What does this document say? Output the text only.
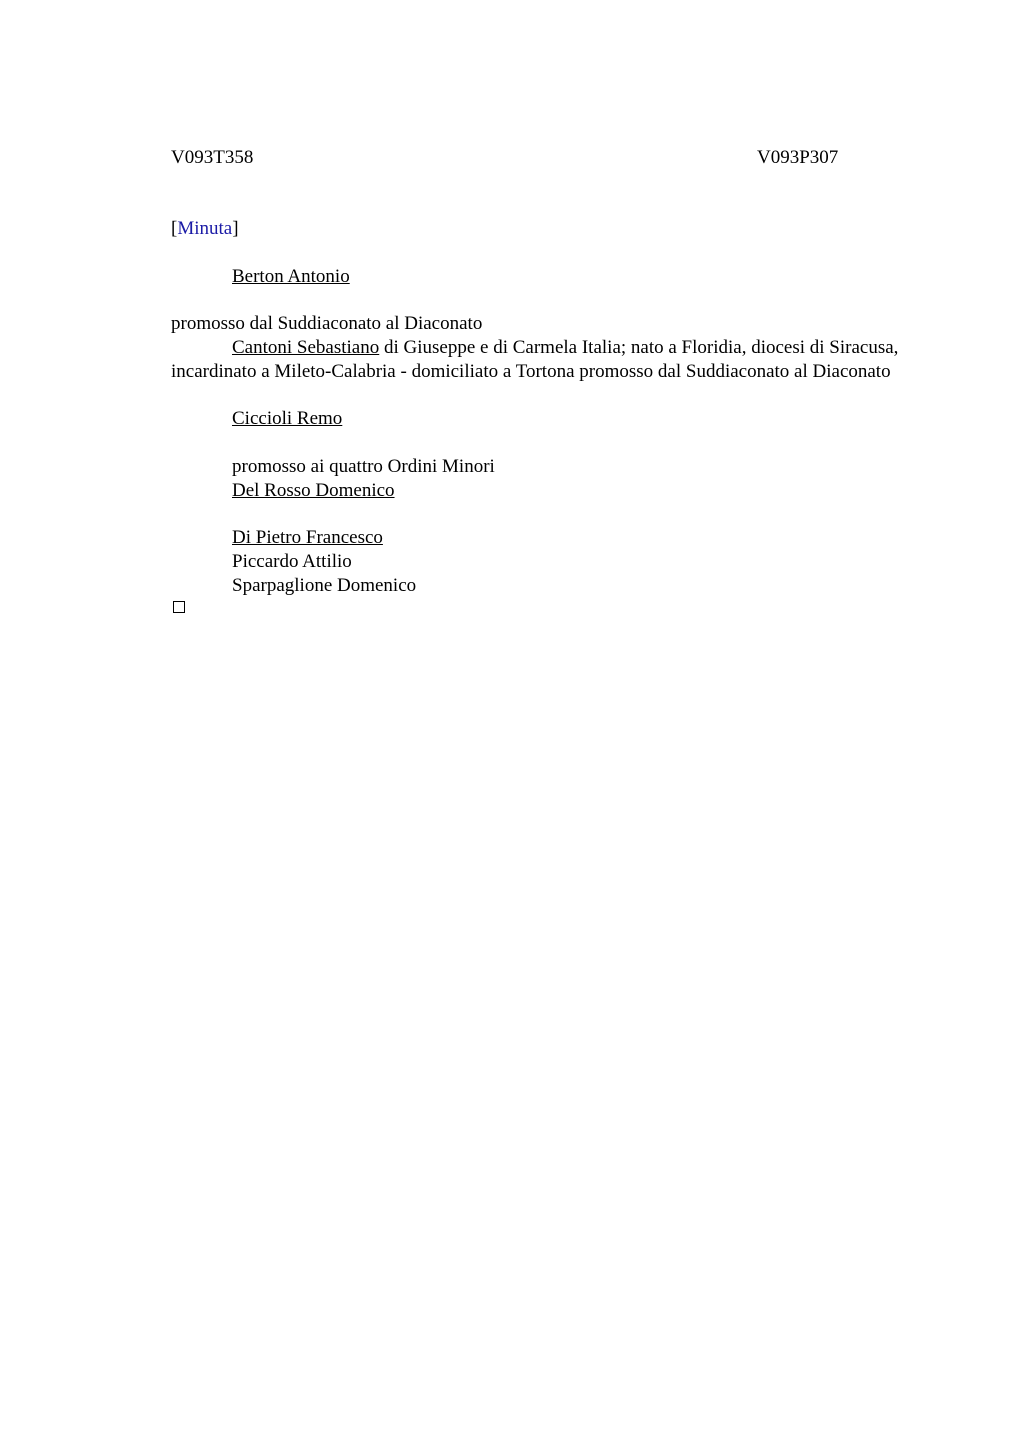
V093T358	V093P307
[Minuta]
Berton Antonio
promosso dal Suddiaconato al Diaconato
Cantoni Sebastiano di Giuseppe e di Carmela Italia; nato a Floridia, diocesi di Siracusa, incardinato a Mileto-Calabria - domiciliato a Tortona promosso dal Suddiaconato al Diaconato
Ciccioli Remo
promosso ai quattro Ordini Minori
Del Rosso Domenico
Di Pietro Francesco
Piccardo Attilio
Sparpaglione Domenico
